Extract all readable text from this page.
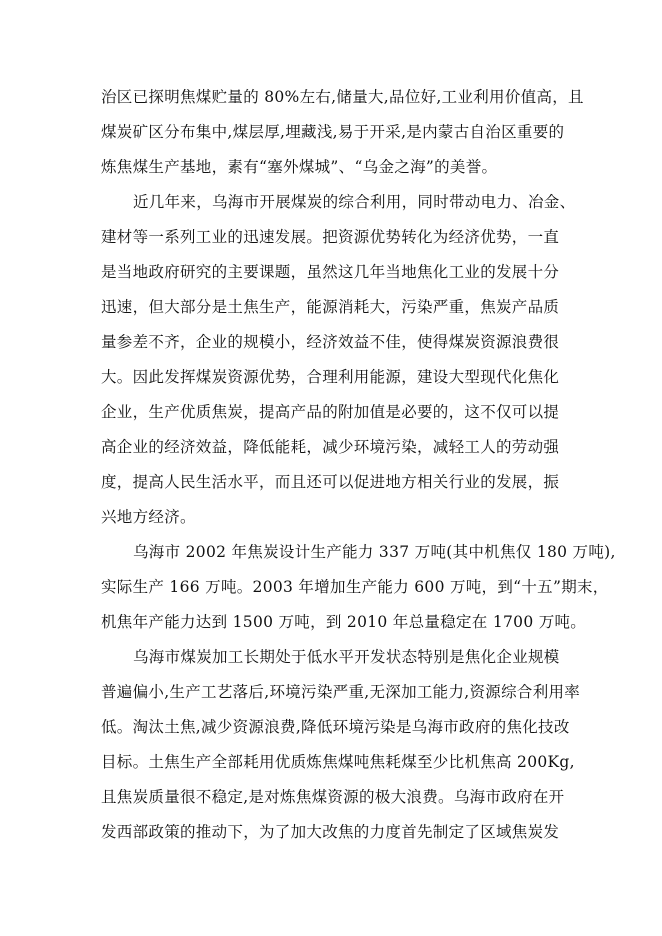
治区已探明焦煤贮量的 80%左右,储量大,品位好,工业利用价值高，且
煤炭矿区分布集中,煤层厚,埋藏浅,易于开采,是内蒙古自治区重要的
炼焦煤生产基地，素有“塞外煤城”、“乌金之海”的美誉。
近几年来，乌海市开展煤炭的综合利用，同时带动电力、冶金、
建材等一系列工业的迅速发展。把资源优势转化为经济优势，一直
是当地政府研究的主要课题，虽然这几年当地焦化工业的发展十分
迅速，但大部分是土焦生产，能源消耗大，污染严重，焦炭产品质
量参差不齐，企业的规模小，经济效益不佳，使得煤炭资源浪费很
大。因此发挥煤炭资源优势，合理利用能源，建设大型现代化焦化
企业，生产优质焦炭，提高产品的附加值是必要的，这不仅可以提
高企业的经济效益，降低能耗，减少环境污染，减轻工人的劳动强
度，提高人民生活水平，而且还可以促进地方相关行业的发展，振
兴地方经济。
乌海市 2002 年焦炭设计生产能力 337 万吨(其中机焦仅 180 万吨),
实际生产 166 万吨。2003 年增加生产能力 600 万吨，到“十五”期末，
机焦年产能力达到 1500 万吨，到 2010 年总量稳定在 1700 万吨。
乌海市煤炭加工长期处于低水平开发状态特别是焦化企业规模
普遍偏小,生产工艺落后,环境污染严重,无深加工能力,资源综合利用率
低。淘汰土焦,减少资源浪费,降低环境污染是乌海市政府的焦化技改
目标。土焦生产全部耗用优质炼焦煤吨焦耗煤至少比机焦高 200Kg,
且焦炭质量很不稳定,是对炼焦煤资源的极大浪费。乌海市政府在开
发西部政策的推动下，为了加大改焦的力度首先制定了区域焦炭发
